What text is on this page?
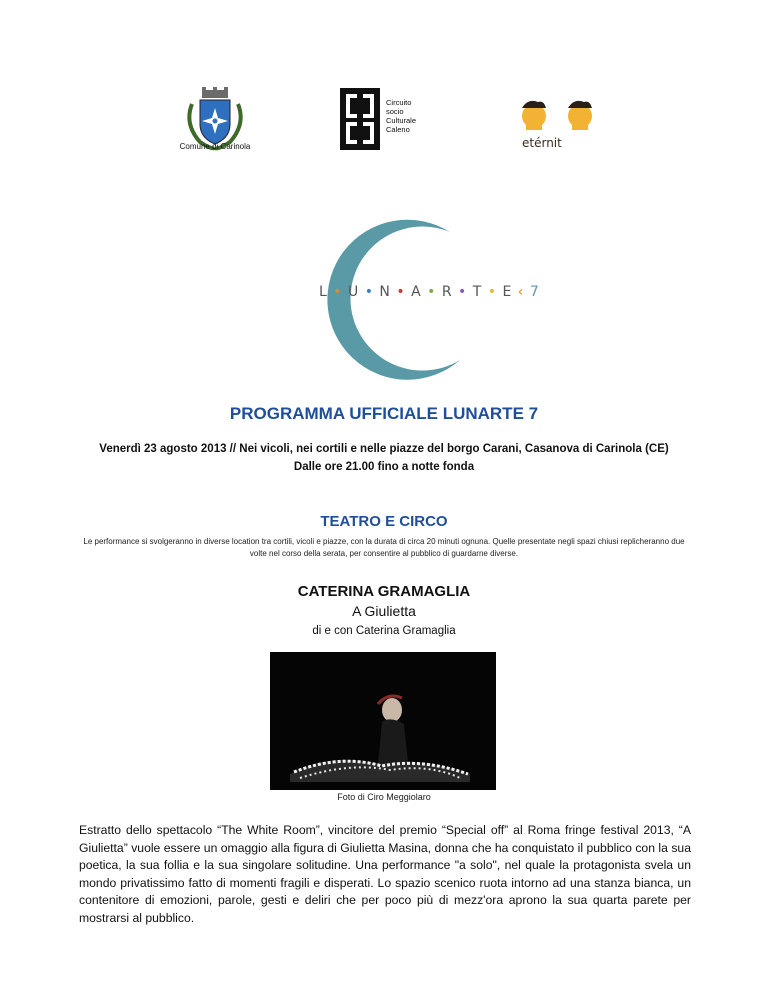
Comune di Carinola
Circuito
socio
Culturale
Caleno
etérnit
L • U • N • A • R • T • E ‹ 7
PROGRAMMA UFFICIALE LUNARTE 7
Venerdì 23 agosto 2013 // Nei vicoli, nei cortili e nelle piazze del borgo Carani, Casanova di Carinola (CE)
Dalle ore 21.00 fino a notte fonda
TEATRO E CIRCO
Le performance si svolgeranno in diverse location tra cortili, vicoli e piazze, con la durata di circa 20 minuti ognuna. Quelle presentate negli spazi chiusi replicheranno due volte nel corso della serata, per consentire al pubblico di guardarne diverse.
CATERINA GRAMAGLIA
A Giulietta
di e con Caterina Gramaglia
Foto di Ciro Meggiolaro
Estratto dello spettacolo “The White Room”, vincitore del premio “Special off” al Roma fringe festival 2013, “A Giulietta” vuole essere un omaggio alla figura di Giulietta Masina, donna che ha conquistato il pubblico con la sua poetica, la sua follia e la sua singolare solitudine. Una performance "a solo", nel quale la protagonista svela un mondo privatissimo fatto di momenti fragili e disperati. Lo spazio scenico ruota intorno ad una stanza bianca, un contenitore di emozioni, parole, gesti e deliri che per poco più di mezz'ora aprono la sua quarta parete per mostrarsi al pubblico.
